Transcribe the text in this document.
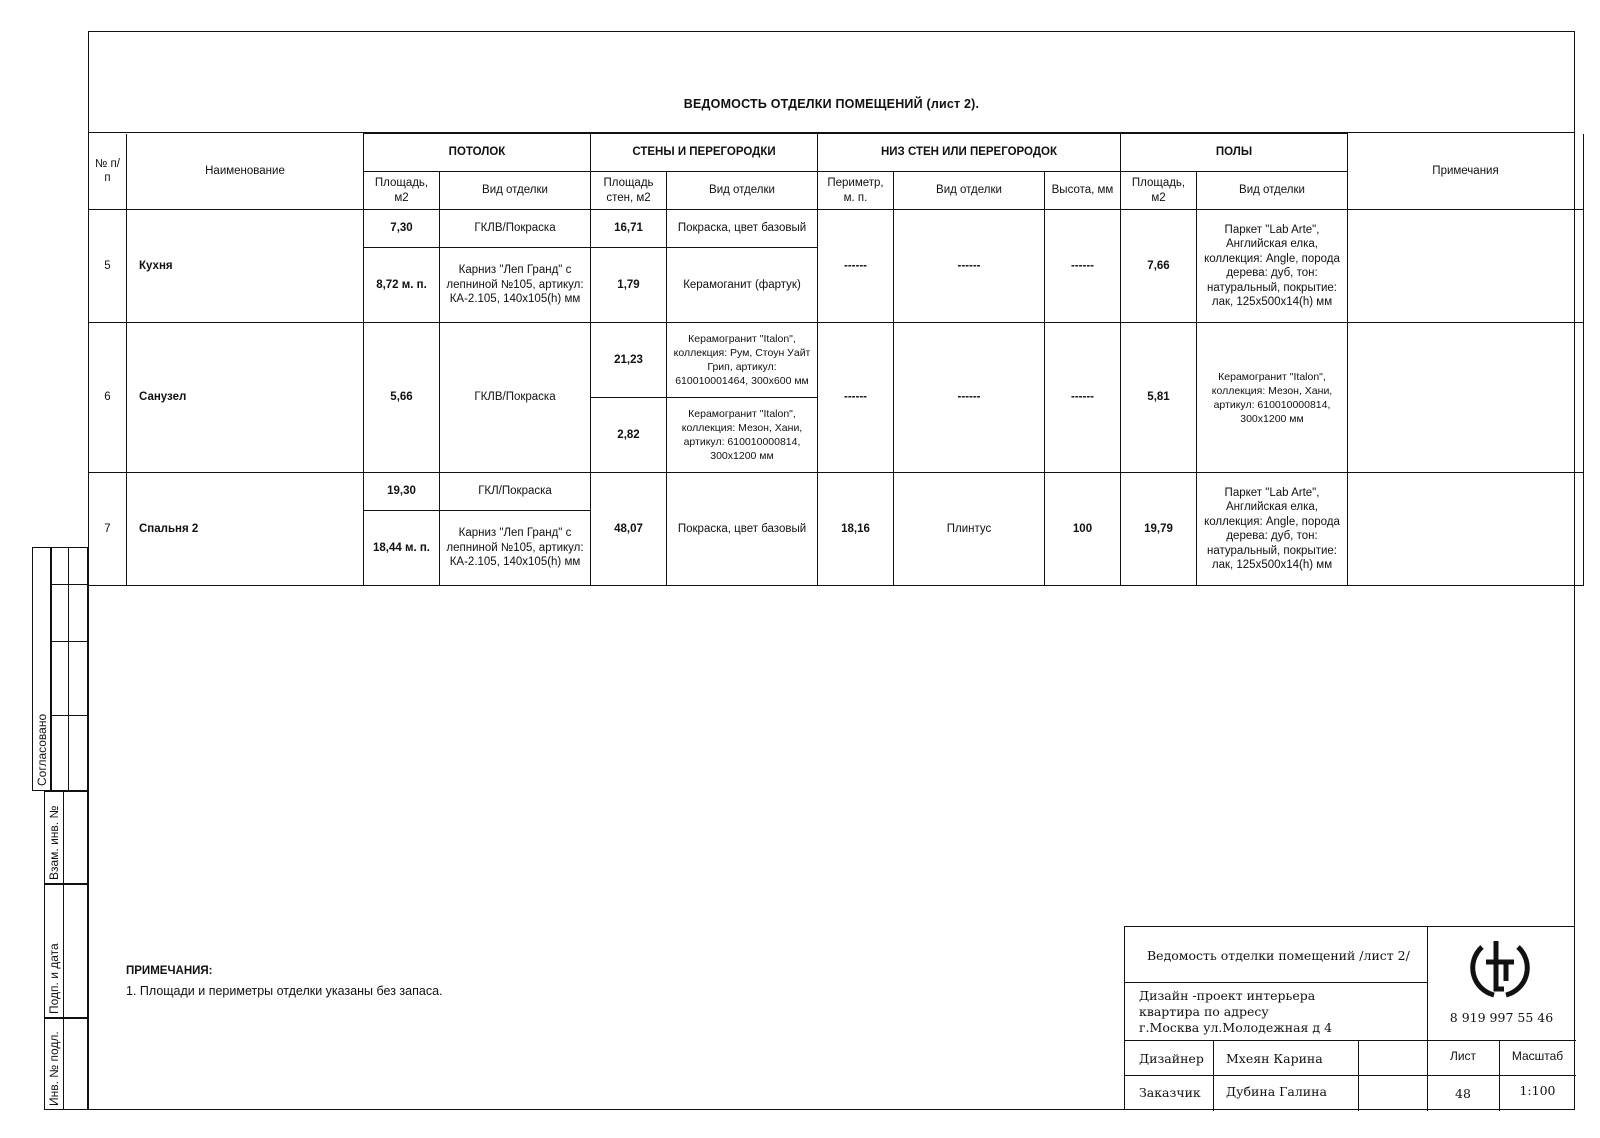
ВЕДОМОСТЬ ОТДЕЛКИ ПОМЕЩЕНИЙ (лист 2).
№ п/п	Наименование	ПОТОЛОК		СТЕНЫ И ПЕРЕГОРОДКИ		НИЗ СТЕН ИЛИ ПЕРЕГОРОДОК			ПОЛЫ		Примечания
		Площадь, м2	Вид отделки	Площадь стен, м2	Вид отделки	Периметр, м. п.	Вид отделки	Высота, мм	Площадь, м2	Вид отделки	
5	Кухня	7,30	ГКЛВ/Покраска	16,71	Покраска, цвет базовый	------	------	------	7,66	Паркет "Lab Arte", Английская елка, коллекция: Angle, порода дерева: дуб, тон: натуральный, покрытие: лак, 125х500х14(h) мм	
		8,72 м. п.	Карниз "Леп Гранд" с лепниной №105, артикул: КА-2.105, 140х105(h) мм	1,79	Керамоганит (фартук)						
6	Санузел	5,66	ГКЛВ/Покраска	21,23	Керамогранит "Italon", коллекция: Рум, Стоун Уайт Грип, артикул: 610010001464, 300х600 мм	------	------	------	5,81	Керамогранит "Italon", коллекция: Мезон, Хани, артикул: 610010000814, 300х1200 мм	
				2,82	Керамогранит "Italon", коллекция: Мезон, Хани, артикул: 610010000814, 300х1200 мм						
7	Спальня 2	19,30	ГКЛ/Покраска	48,07	Покраска, цвет базовый	18,16	Плинтус	100	19,79	Паркет "Lab Arte", Английская елка, коллекция: Angle, порода дерева: дуб, тон: натуральный, покрытие: лак, 125х500х14(h) мм	
		18,44 м. п.	Карниз "Леп Гранд" с лепниной №105, артикул: КА-2.105, 140х105(h) мм								
Согласовано
Взам. инв. №
Подп. и дата
Инв. № подл.
ПРИМЕЧАНИЯ:
1. Площади и периметры отделки указаны без запаса.
Ведомость отделки помещений /лист 2/
Дизайн -проект интерьера
квартира по адресу
г.Москва ул.Молодежная д 4
8 919 997 55 46
Дизайнер Мхеян Карина	Лист	Масштаб
Заказчик Дубина Галина	48	1:100
